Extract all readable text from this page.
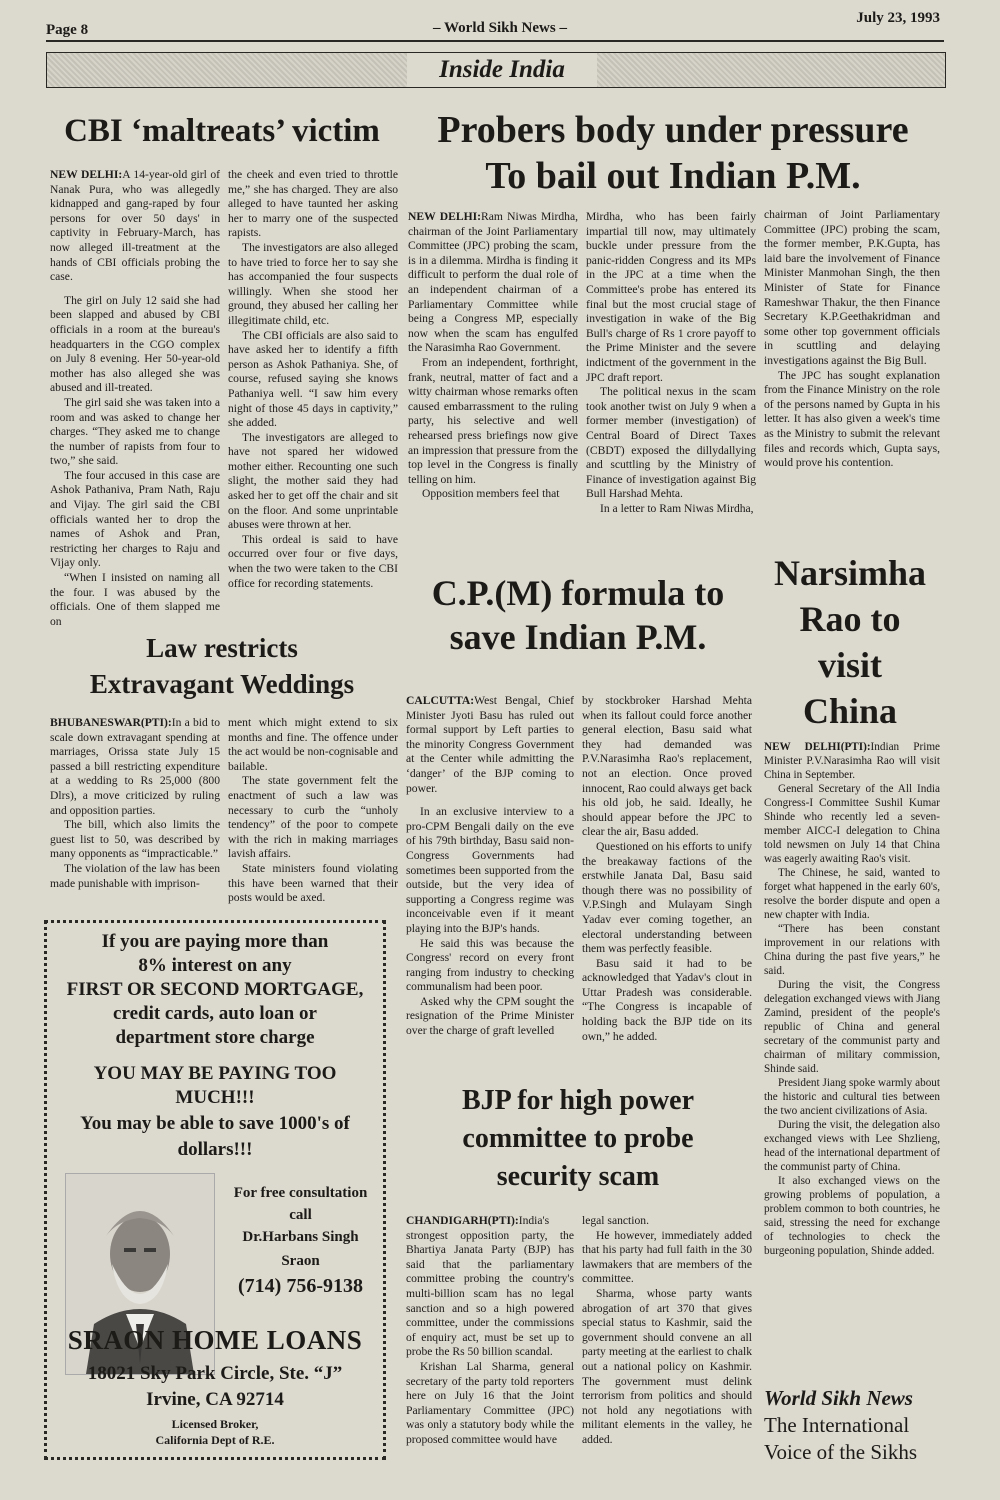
Page 8	– World Sikh News –
July 23, 1993
Inside India
CBI ‘maltreats’ victim

NEW DELHI:A 14-year-old girl of Nanak Pura, who was allegedly kidnapped and gang-raped by four persons for over 50 days' in captivity in February-March, has now alleged ill-treatment at the hands of CBI officials probing the case.

The girl on July 12 said she had been slapped and abused by CBI officials in a room at the bureau's headquarters in the CGO complex on July 8 evening. Her 50-year-old mother has also alleged she was abused and ill-treated.

The girl said she was taken into a room and was asked to change her charges. “They asked me to change the number of rapists from four to two,” she said.

The four accused in this case are Ashok Pathaniva, Pram Nath, Raju and Vijay. The girl said the CBI officials wanted her to drop the names of Ashok and Pran, restricting her charges to Raju and Vijay only.

“When I insisted on naming all the four. I was abused by the officials. One of them slapped me on

the cheek and even tried to throttle me,” she has charged. They are also alleged to have taunted her asking her to marry one of the suspected rapists.

The investigators are also alleged to have tried to force her to say she has accompanied the four suspects willingly. When she stood her ground, they abused her calling her illegitimate child, etc.

The CBI officials are also said to have asked her to identify a fifth person as Ashok Pathaniya. She, of course, refused saying she knows Pathaniya well. “I saw him every night of those 45 days in captivity,” she added.

The investigators are alleged to have not spared her widowed mother either. Recounting one such slight, the mother said they had asked her to get off the chair and sit on the floor. And some unprintable abuses were thrown at her.

This ordeal is said to have occurred over four or five days, when the two were taken to the CBI office for recording statements.

Probers body under pressure
To bail out Indian P.M.

NEW DELHI:Ram Niwas Mirdha, chairman of the Joint Parliamentary Committee (JPC) probing the scam, is in a dilemma. Mirdha is finding it difficult to perform the dual role of an independent chairman of a Parliamentary Committee while being a Congress MP, especially now when the scam has engulfed the Narasimha Rao Government.

From an independent, forthright, frank, neutral, matter of fact and a witty chairman whose remarks often caused embarrassment to the ruling party, his selective and well rehearsed press briefings now give an impression that pressure from the top level in the Congress is finally telling on him.

Opposition members feel that

Mirdha, who has been fairly impartial till now, may ultimately buckle under pressure from the panic-ridden Congress and its MPs in the JPC at a time when the Committee's probe has entered its final but the most crucial stage of investigation in wake of the Big Bull's charge of Rs 1 crore payoff to the Prime Minister and the severe indictment of the government in the JPC draft report.

The political nexus in the scam took another twist on July 9 when a former member (investigation) of Central Board of Direct Taxes (CBDT) exposed the dillydallying and scuttling by the Ministry of Finance of investigation against Big Bull Harshad Mehta.

In a letter to Ram Niwas Mirdha,

chairman of Joint Parliamentary Committee (JPC) probing the scam, the former member, P.K.Gupta, has laid bare the involvement of Finance Minister Manmohan Singh, the then Minister of State for Finance Rameshwar Thakur, the then Finance Secretary K.P.Geethakridman and some other top government officials in scuttling and delaying investigations against the Big Bull.

The JPC has sought explanation from the Finance Ministry on the role of the persons named by Gupta in his letter. It has also given a week's time as the Ministry to submit the relevant files and records which, Gupta says, would prove his contention.

Law restricts
Extravagant Weddings

BHUBANESWAR(PTI):In a bid to scale down extravagant spending at marriages, Orissa state July 15 passed a bill restricting expenditure at a wedding to Rs 25,000 (800 Dlrs), a move criticized by ruling and opposition parties.

The bill, which also limits the guest list to 50, was described by many opponents as “impracticable.”

The violation of the law has been made punishable with imprison-

ment which might extend to six months and fine. The offence under the act would be non-cognisable and bailable.

The state government felt the enactment of such a law was necessary to curb the “unholy tendency” of the poor to compete with the rich in making marriages lavish affairs.

State ministers found violating this have been warned that their posts would be axed.

C.P.(M) formula to
save Indian P.M.

CALCUTTA:West Bengal, Chief Minister Jyoti Basu has ruled out formal support by Left parties to the minority Congress Government at the Center while admitting the ‘danger’ of the BJP coming to power.

In an exclusive interview to a pro-CPM Bengali daily on the eve of his 79th birthday, Basu said non-Congress Governments had sometimes been supported from the outside, but the very idea of supporting a Congress regime was inconceivable even if it meant playing into the BJP's hands.

He said this was because the Congress' record on every front ranging from industry to checking communalism had been poor.

Asked why the CPM sought the resignation of the Prime Minister over the charge of graft levelled

by stockbroker Harshad Mehta when its fallout could force another general election, Basu said what they had demanded was P.V.Narasimha Rao's replacement, not an election. Once proved innocent, Rao could always get back his old job, he said. Ideally, he should appear before the JPC to clear the air, Basu added.

Questioned on his efforts to unify the breakaway factions of the erstwhile Janata Dal, Basu said though there was no possibility of V.P.Singh and Mulayam Singh Yadav ever coming together, an electoral understanding between them was perfectly feasible.

Basu said it had to be acknowledged that Yadav's clout in Uttar Pradesh was considerable. “The Congress is incapable of holding back the BJP tide on its own,” he added.

Narsimha
Rao to
visit
China

NEW DELHI(PTI):Indian Prime Minister P.V.Narasimha Rao will visit China in September.

General Secretary of the All India Congress-I Committee Sushil Kumar Shinde who recently led a seven-member AICC-I delegation to China told newsmen on July 14 that China was eagerly awaiting Rao's visit.

The Chinese, he said, wanted to forget what happened in the early 60's, resolve the border dispute and open a new chapter with India.

“There has been constant improvement in our relations with China during the past five years,” he said.

During the visit, the Congress delegation exchanged views with Jiang Zamind, president of the people's republic of China and general secretary of the communist party and chairman of military commission, Shinde said.

President Jiang spoke warmly about the historic and cultural ties between the two ancient civilizations of Asia.

During the visit, the delegation also exchanged views with Lee Shzlieng, head of the international department of the communist party of China.

It also exchanged views on the growing problems of population, a problem common to both countries, he said, stressing the need for exchange of technologies to check the burgeoning population, Shinde added.

BJP for high power
committee to probe
security scam

CHANDIGARH(PTI):India's strongest opposition party, the Bhartiya Janata Party (BJP) has said that the parliamentary committee probing the country's multi-billion scam has no legal sanction and so a high powered committee, under the commissions of enquiry act, must be set up to probe the Rs 50 billion scandal.

Krishan Lal Sharma, general secretary of the party told reporters here on July 16 that the Joint Parliamentary Committee (JPC) was only a statutory body while the proposed committee would have

legal sanction.

He however, immediately added that his party had full faith in the 30 lawmakers that are members of the committee.

Sharma, whose party wants abrogation of art 370 that gives special status to Kashmir, said the government should convene an all party meeting at the earliest to chalk out a national policy on Kashmir. The government must delink terrorism from politics and should not hold any negotiations with militant elements in the valley, he added.

If you are paying more than
8% interest on any
FIRST OR SECOND MORTGAGE,
credit cards, auto loan or
department store charge
YOU MAY BE PAYING TOO
MUCH!!!
You may be able to save 1000's of
dollars!!!
For free consultation
call
Dr.Harbans Singh
Sraon
(714) 756-9138
SRAON HOME LOANS
18021 Sky Park Circle, Ste. “J”
Irvine, CA 92714
Licensed Broker,
California Dept of R.E.
World Sikh News
The International
Voice of the Sikhs
